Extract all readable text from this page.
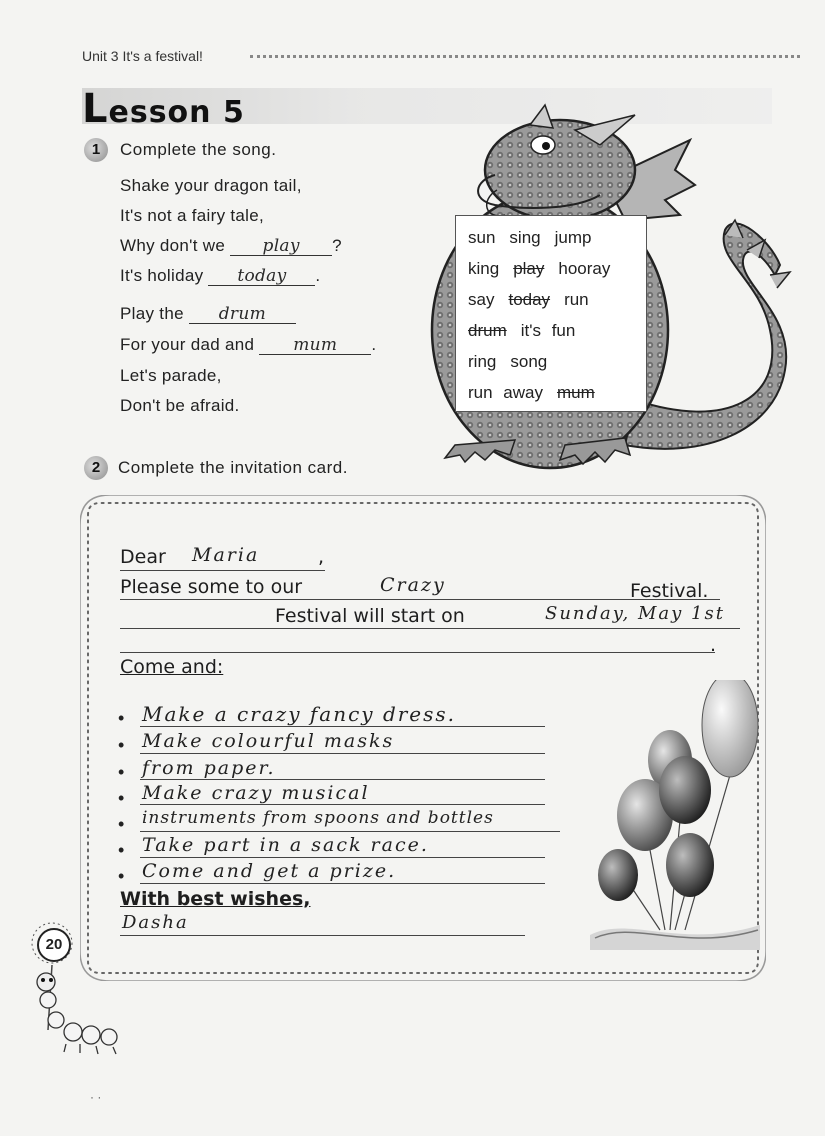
Unit 3 It's a festival!
Lesson 5
1	Complete the song.
Shake your dragon tail,
It's not a fairy tale,
Why don't we play ?
It's holiday today .
Play the drum
For your dad and mum .
Let's parade,
Don't be afraid.
sun sing jump
king play hooray
say today run
drum it's fun
ring song
run away mum
2	Complete the invitation card.
Dear Maria	,
Please some to our	Crazy	Festival.
Festival will start on	Sunday, May 1st
.
Come and:
• Make a crazy fancy dress.
• Make colourful masks
• from paper.
• Make crazy musical
• instruments from spoons and bottles
• Take part in a sack race.
• Come and get a prize.
With best wishes,
Dasha
20
· ·
